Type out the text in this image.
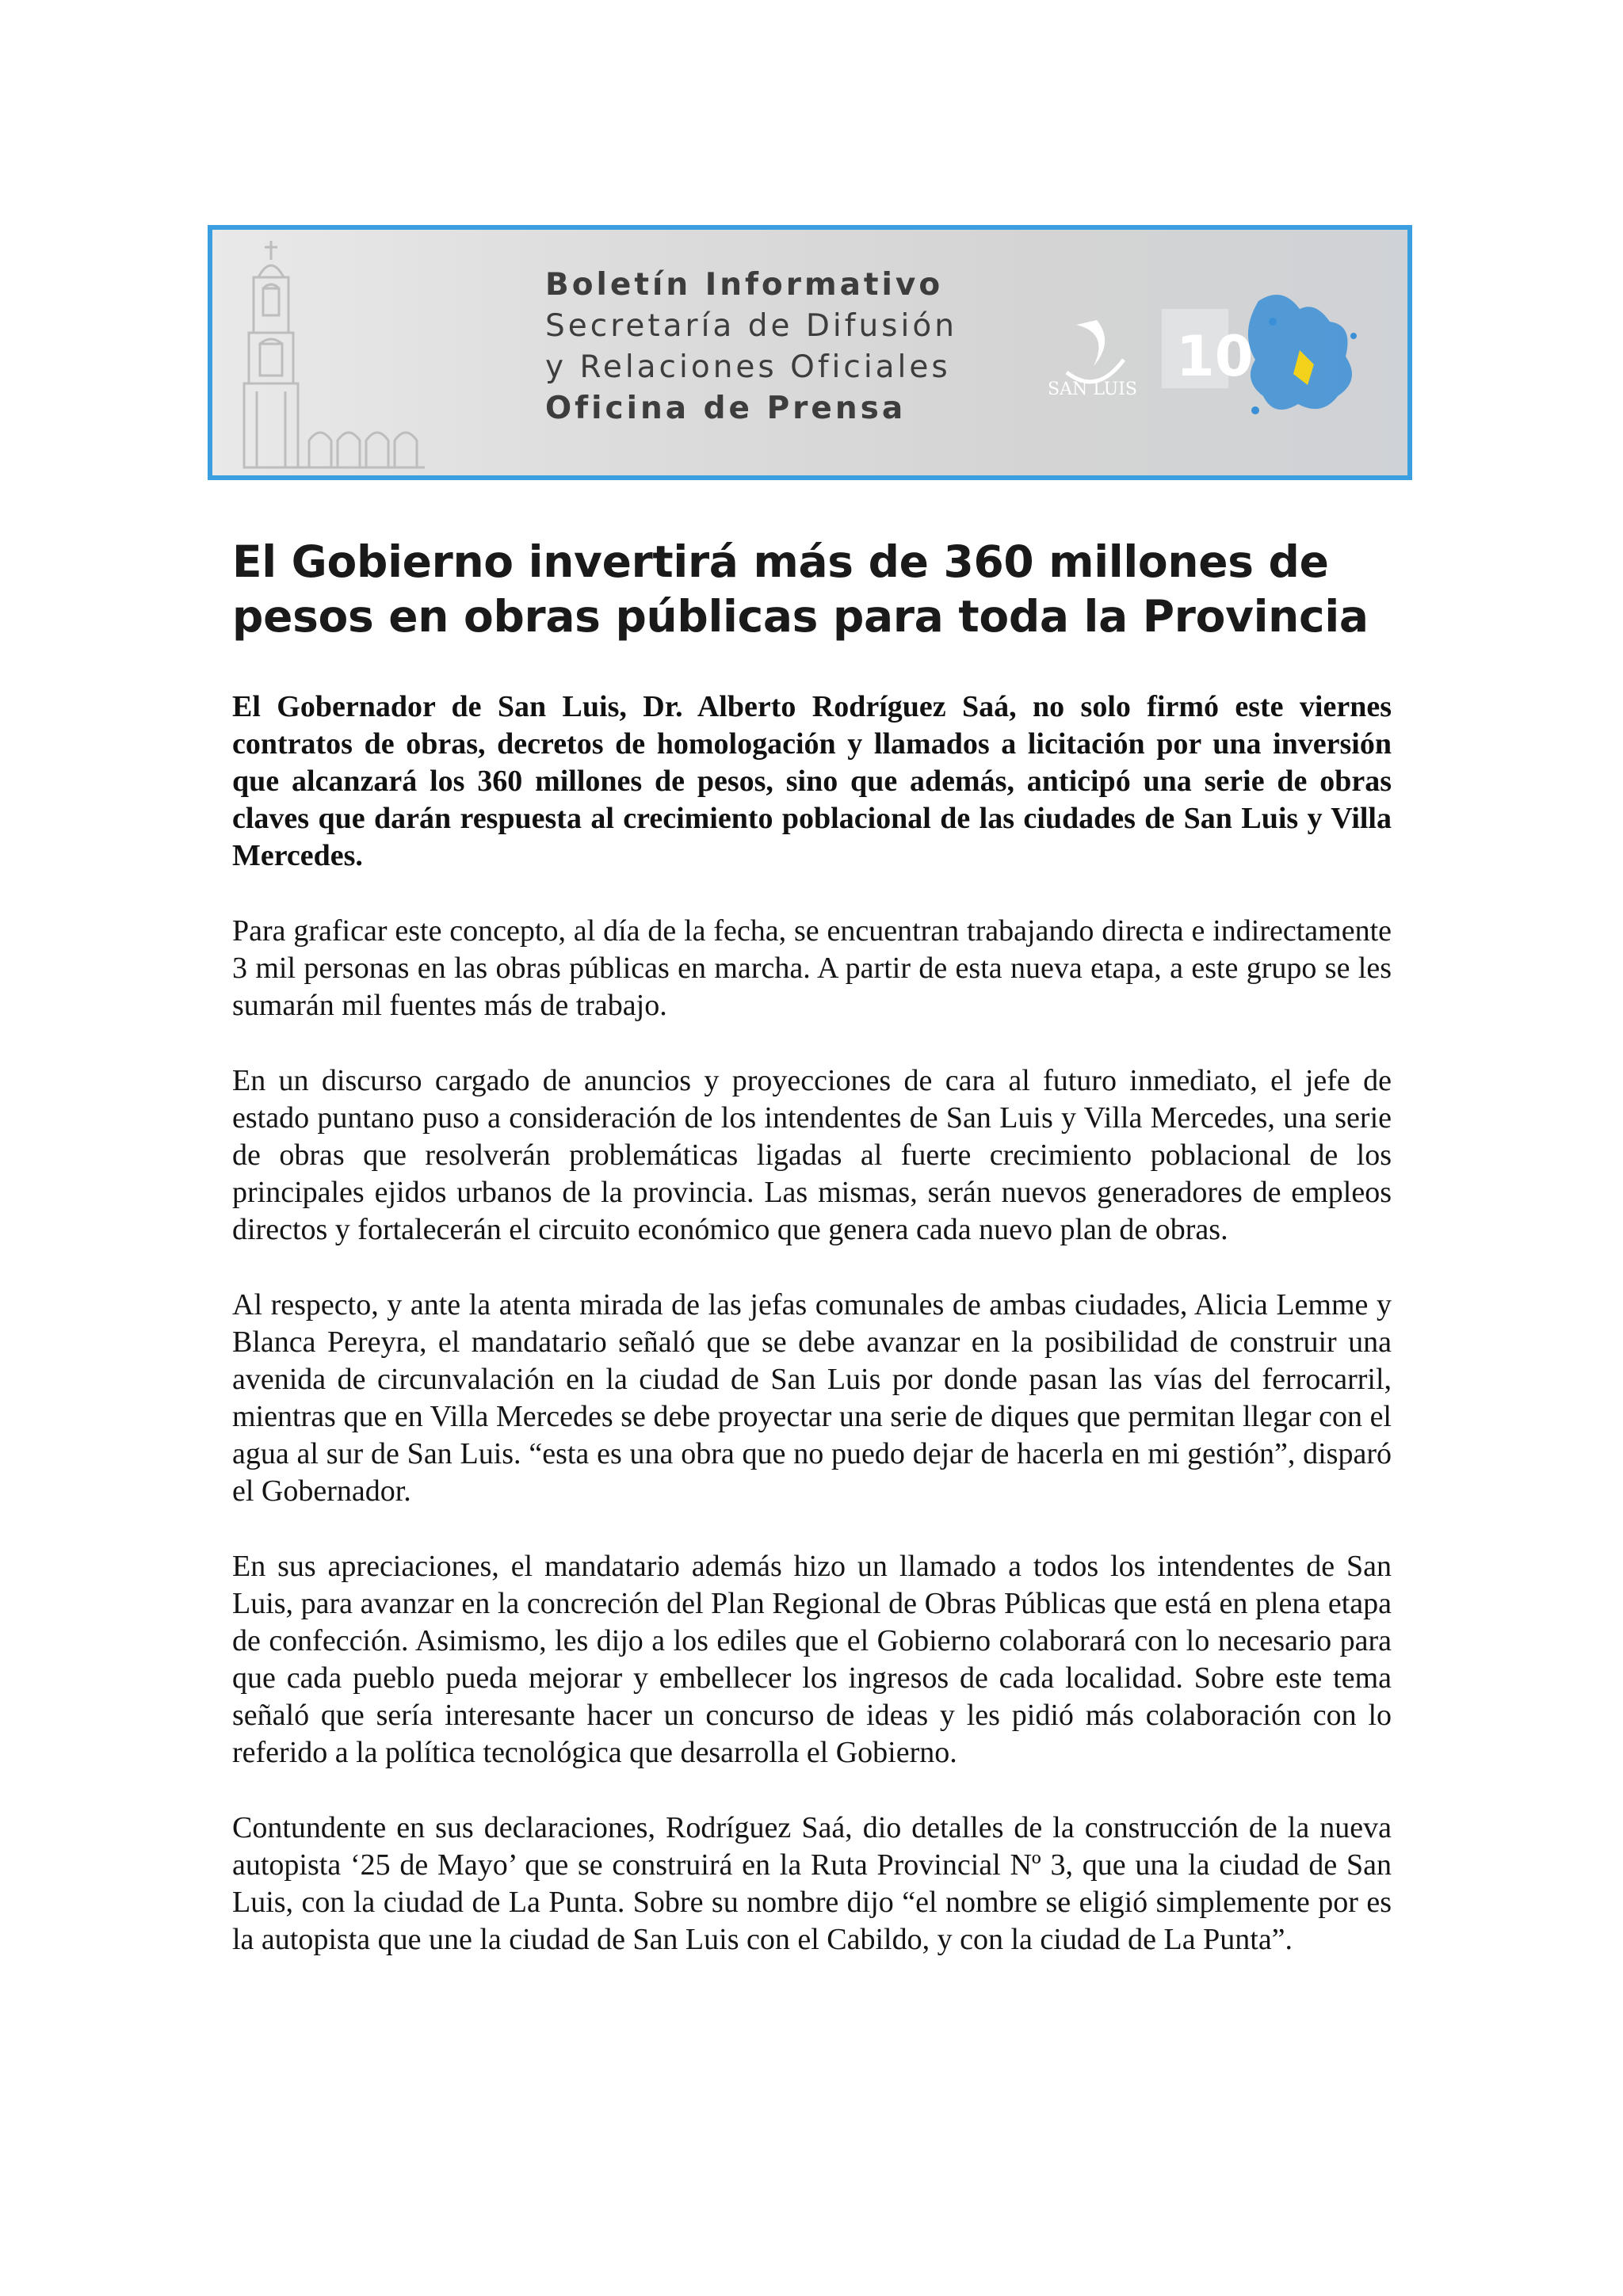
Boletín Informativo
Secretaría de Difusión
y Relaciones Oficiales
Oficina de Prensa
SAN LUIS
10
El Gobierno invertirá más de 360 millones de pesos en obras públicas para toda la Provincia

El Gobernador de San Luis, Dr. Alberto Rodríguez Saá, no solo firmó este viernes contratos de obras, decretos de homologación y llamados a licitación por una inversión que alcanzará los 360 millones de pesos, sino que además, anticipó una serie de obras claves que darán respuesta al crecimiento poblacional de las ciudades de San Luis y Villa Mercedes.

Para graficar este concepto, al día de la fecha, se encuentran trabajando directa e indirectamente 3 mil personas en las obras públicas en marcha. A partir de esta nueva etapa, a este grupo se les sumarán mil fuentes más de trabajo.

En un discurso cargado de anuncios y proyecciones de cara al futuro inmediato, el jefe de estado puntano puso a consideración de los intendentes de San Luis y Villa Mercedes, una serie de obras que resolverán problemáticas ligadas al fuerte crecimiento poblacional de los principales ejidos urbanos de la provincia. Las mismas, serán nuevos generadores de empleos directos y fortalecerán el circuito económico que genera cada nuevo plan de obras.

Al respecto, y ante la atenta mirada de las jefas comunales de ambas ciudades, Alicia Lemme y Blanca Pereyra, el mandatario señaló que se debe avanzar en la posibilidad de construir una avenida de circunvalación en la ciudad de San Luis por donde pasan las vías del ferrocarril, mientras que en Villa Mercedes se debe proyectar una serie de diques que permitan llegar con el agua al sur de San Luis. “esta es una obra que no puedo dejar de hacerla en mi gestión”, disparó el Gobernador.

En sus apreciaciones, el mandatario además hizo un llamado a todos los intendentes de San Luis, para avanzar en la concreción del Plan Regional de Obras Públicas que está en plena etapa de confección. Asimismo, les dijo a los ediles que el Gobierno colaborará con lo necesario para que cada pueblo pueda mejorar y embellecer los ingresos de cada localidad. Sobre este tema señaló que sería interesante hacer un concurso de ideas y les pidió más colaboración con lo referido a la política tecnológica que desarrolla el Gobierno.

Contundente en sus declaraciones, Rodríguez Saá, dio detalles de la construcción de la nueva autopista ‘25 de Mayo’ que se construirá en la Ruta Provincial Nº 3, que una la ciudad de San Luis, con la ciudad de La Punta. Sobre su nombre dijo “el nombre se eligió simplemente por es la autopista que une la ciudad de San Luis con el Cabildo, y con la ciudad de La Punta”.
